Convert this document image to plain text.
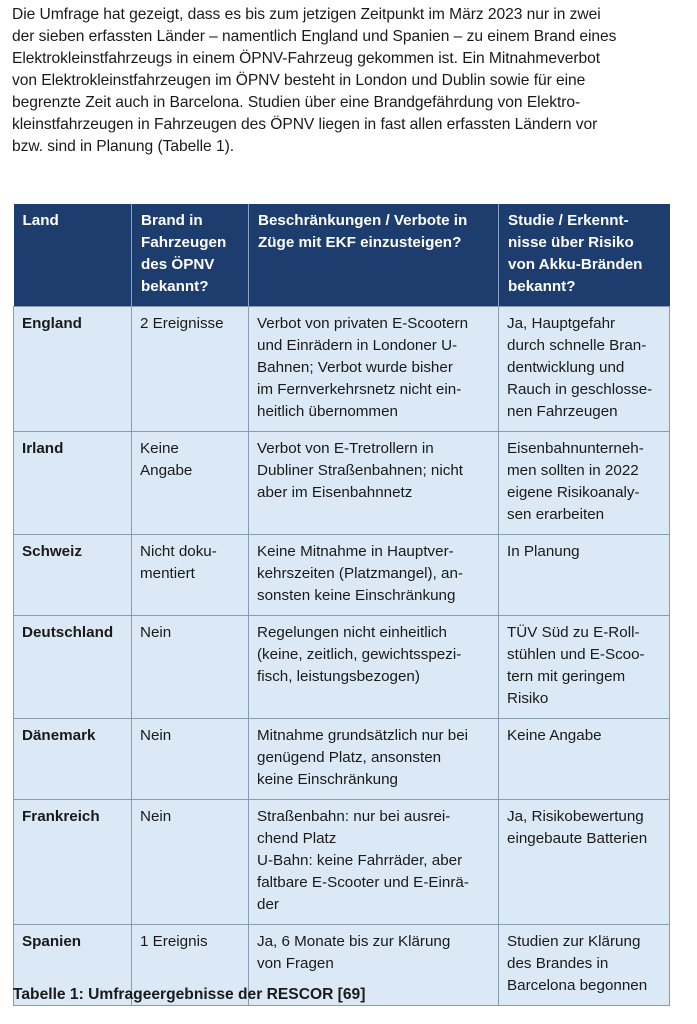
Die Umfrage hat gezeigt, dass es bis zum jetzigen Zeitpunkt im März 2023 nur in zwei
der sieben erfassten Länder – namentlich England und Spanien – zu einem Brand eines
Elektrokleinstfahrzeugs in einem ÖPNV-Fahrzeug gekommen ist. Ein Mitnahmeverbot
von Elektrokleinstfahrzeugen im ÖPNV besteht in London und Dublin sowie für eine
begrenzte Zeit auch in Barcelona. Studien über eine Brandgefährdung von Elektro-
kleinstfahrzeugen in Fahrzeugen des ÖPNV liegen in fast allen erfassten Ländern vor
bzw. sind in Planung (Tabelle 1).
Land	Brand in
Fahrzeugen
des ÖPNV
bekannt?	Beschränkungen / Verbote in
Züge mit EKF einzusteigen?	Studie / Erkennt-
nisse über Risiko
von Akku-Bränden
bekannt?

England	2 Ereignisse	Verbot von privaten E-Scootern
und Einrädern in Londoner U-
Bahnen; Verbot wurde bisher
im Fernverkehrsnetz nicht ein-
heitlich übernommen	Ja, Hauptgefahr
durch schnelle Bran-
dentwicklung und
Rauch in geschlosse-
nen Fahrzeugen

Irland	Keine
Angabe	Verbot von E-Tretrollern in
Dubliner Straßenbahnen; nicht
aber im Eisenbahnnetz	Eisenbahnunterneh-
men sollten in 2022
eigene Risikoanaly-
sen erarbeiten

Schweiz	Nicht doku-
mentiert	Keine Mitnahme in Hauptver-
kehrszeiten (Platzmangel), an-
sonsten keine Einschränkung	In Planung

Deutschland	Nein	Regelungen nicht einheitlich
(keine, zeitlich, gewichtsspezi-
fisch, leistungsbezogen)	TÜV Süd zu E-Roll-
stühlen und E-Scoo-
tern mit geringem
Risiko

Dänemark	Nein	Mitnahme grundsätzlich nur bei
genügend Platz, ansonsten
keine Einschränkung	Keine Angabe

Frankreich	Nein	Straßenbahn: nur bei ausrei-
chend Platz
U-Bahn: keine Fahrräder, aber
faltbare E-Scooter und E-Einrä-
der	Ja, Risikobewertung
eingebaute Batterien

Spanien	1 Ereignis	Ja, 6 Monate bis zur Klärung
von Fragen	Studien zur Klärung
des Brandes in
Barcelona begonnen
Tabelle 1: Umfrageergebnisse der RESCOR [69]
